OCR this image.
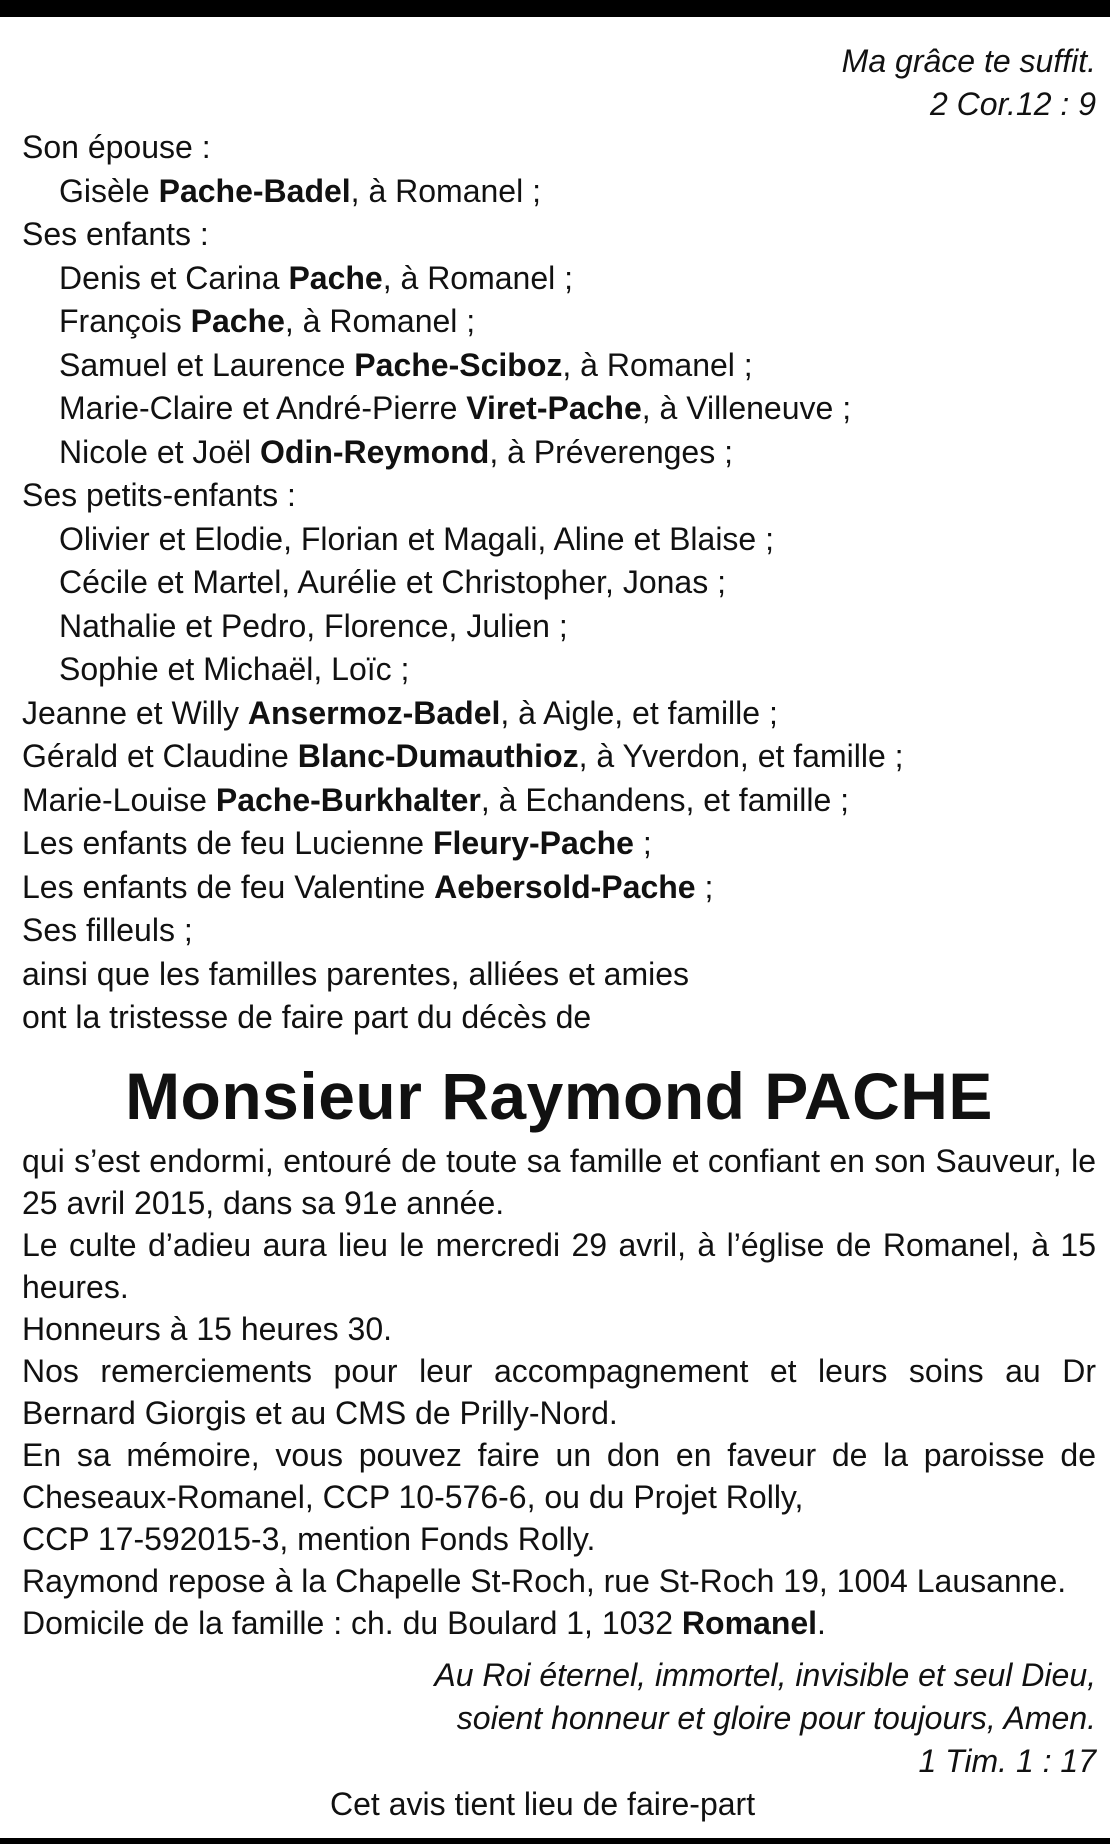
Ma grâce te suffit.
2 Cor.12 : 9
Son épouse :
Gisèle Pache-Badel, à Romanel ;
Ses enfants :
Denis et Carina Pache, à Romanel ;
François Pache, à Romanel ;
Samuel et Laurence Pache-Sciboz, à Romanel ;
Marie-Claire et André-Pierre Viret-Pache, à Villeneuve ;
Nicole et Joël Odin-Reymond, à Préverenges ;
Ses petits-enfants :
Olivier et Elodie, Florian et Magali, Aline et Blaise ;
Cécile et Martel, Aurélie et Christopher, Jonas ;
Nathalie et Pedro, Florence, Julien ;
Sophie et Michaël, Loïc ;
Jeanne et Willy Ansermoz-Badel, à Aigle, et famille ;
Gérald et Claudine Blanc-Dumauthioz, à Yverdon, et famille ;
Marie-Louise Pache-Burkhalter, à Echandens, et famille ;
Les enfants de feu Lucienne Fleury-Pache ;
Les enfants de feu Valentine Aebersold-Pache ;
Ses filleuls ;
ainsi que les familles parentes, alliées et amies
ont la tristesse de faire part du décès de
Monsieur Raymond PACHE
qui s’est endormi, entouré de toute sa famille et confiant en son Sauveur, le 25 avril 2015, dans sa 91e année.
Le culte d’adieu aura lieu le mercredi 29 avril, à l’église de Romanel, à 15 heures.
Honneurs à 15 heures 30.
Nos remerciements pour leur accompagnement et leurs soins au Dr Bernard Giorgis et au CMS de Prilly-Nord.
En sa mémoire, vous pouvez faire un don en faveur de la paroisse de Cheseaux-Romanel, CCP 10-576-6, ou du Projet Rolly,
CCP 17-592015-3, mention Fonds Rolly.
Raymond repose à la Chapelle St-Roch, rue St-Roch 19, 1004 Lausanne.
Domicile de la famille : ch. du Boulard 1, 1032 Romanel.
Au Roi éternel, immortel, invisible et seul Dieu,
soient honneur et gloire pour toujours, Amen.
1 Tim. 1 : 17
Cet avis tient lieu de faire-part
